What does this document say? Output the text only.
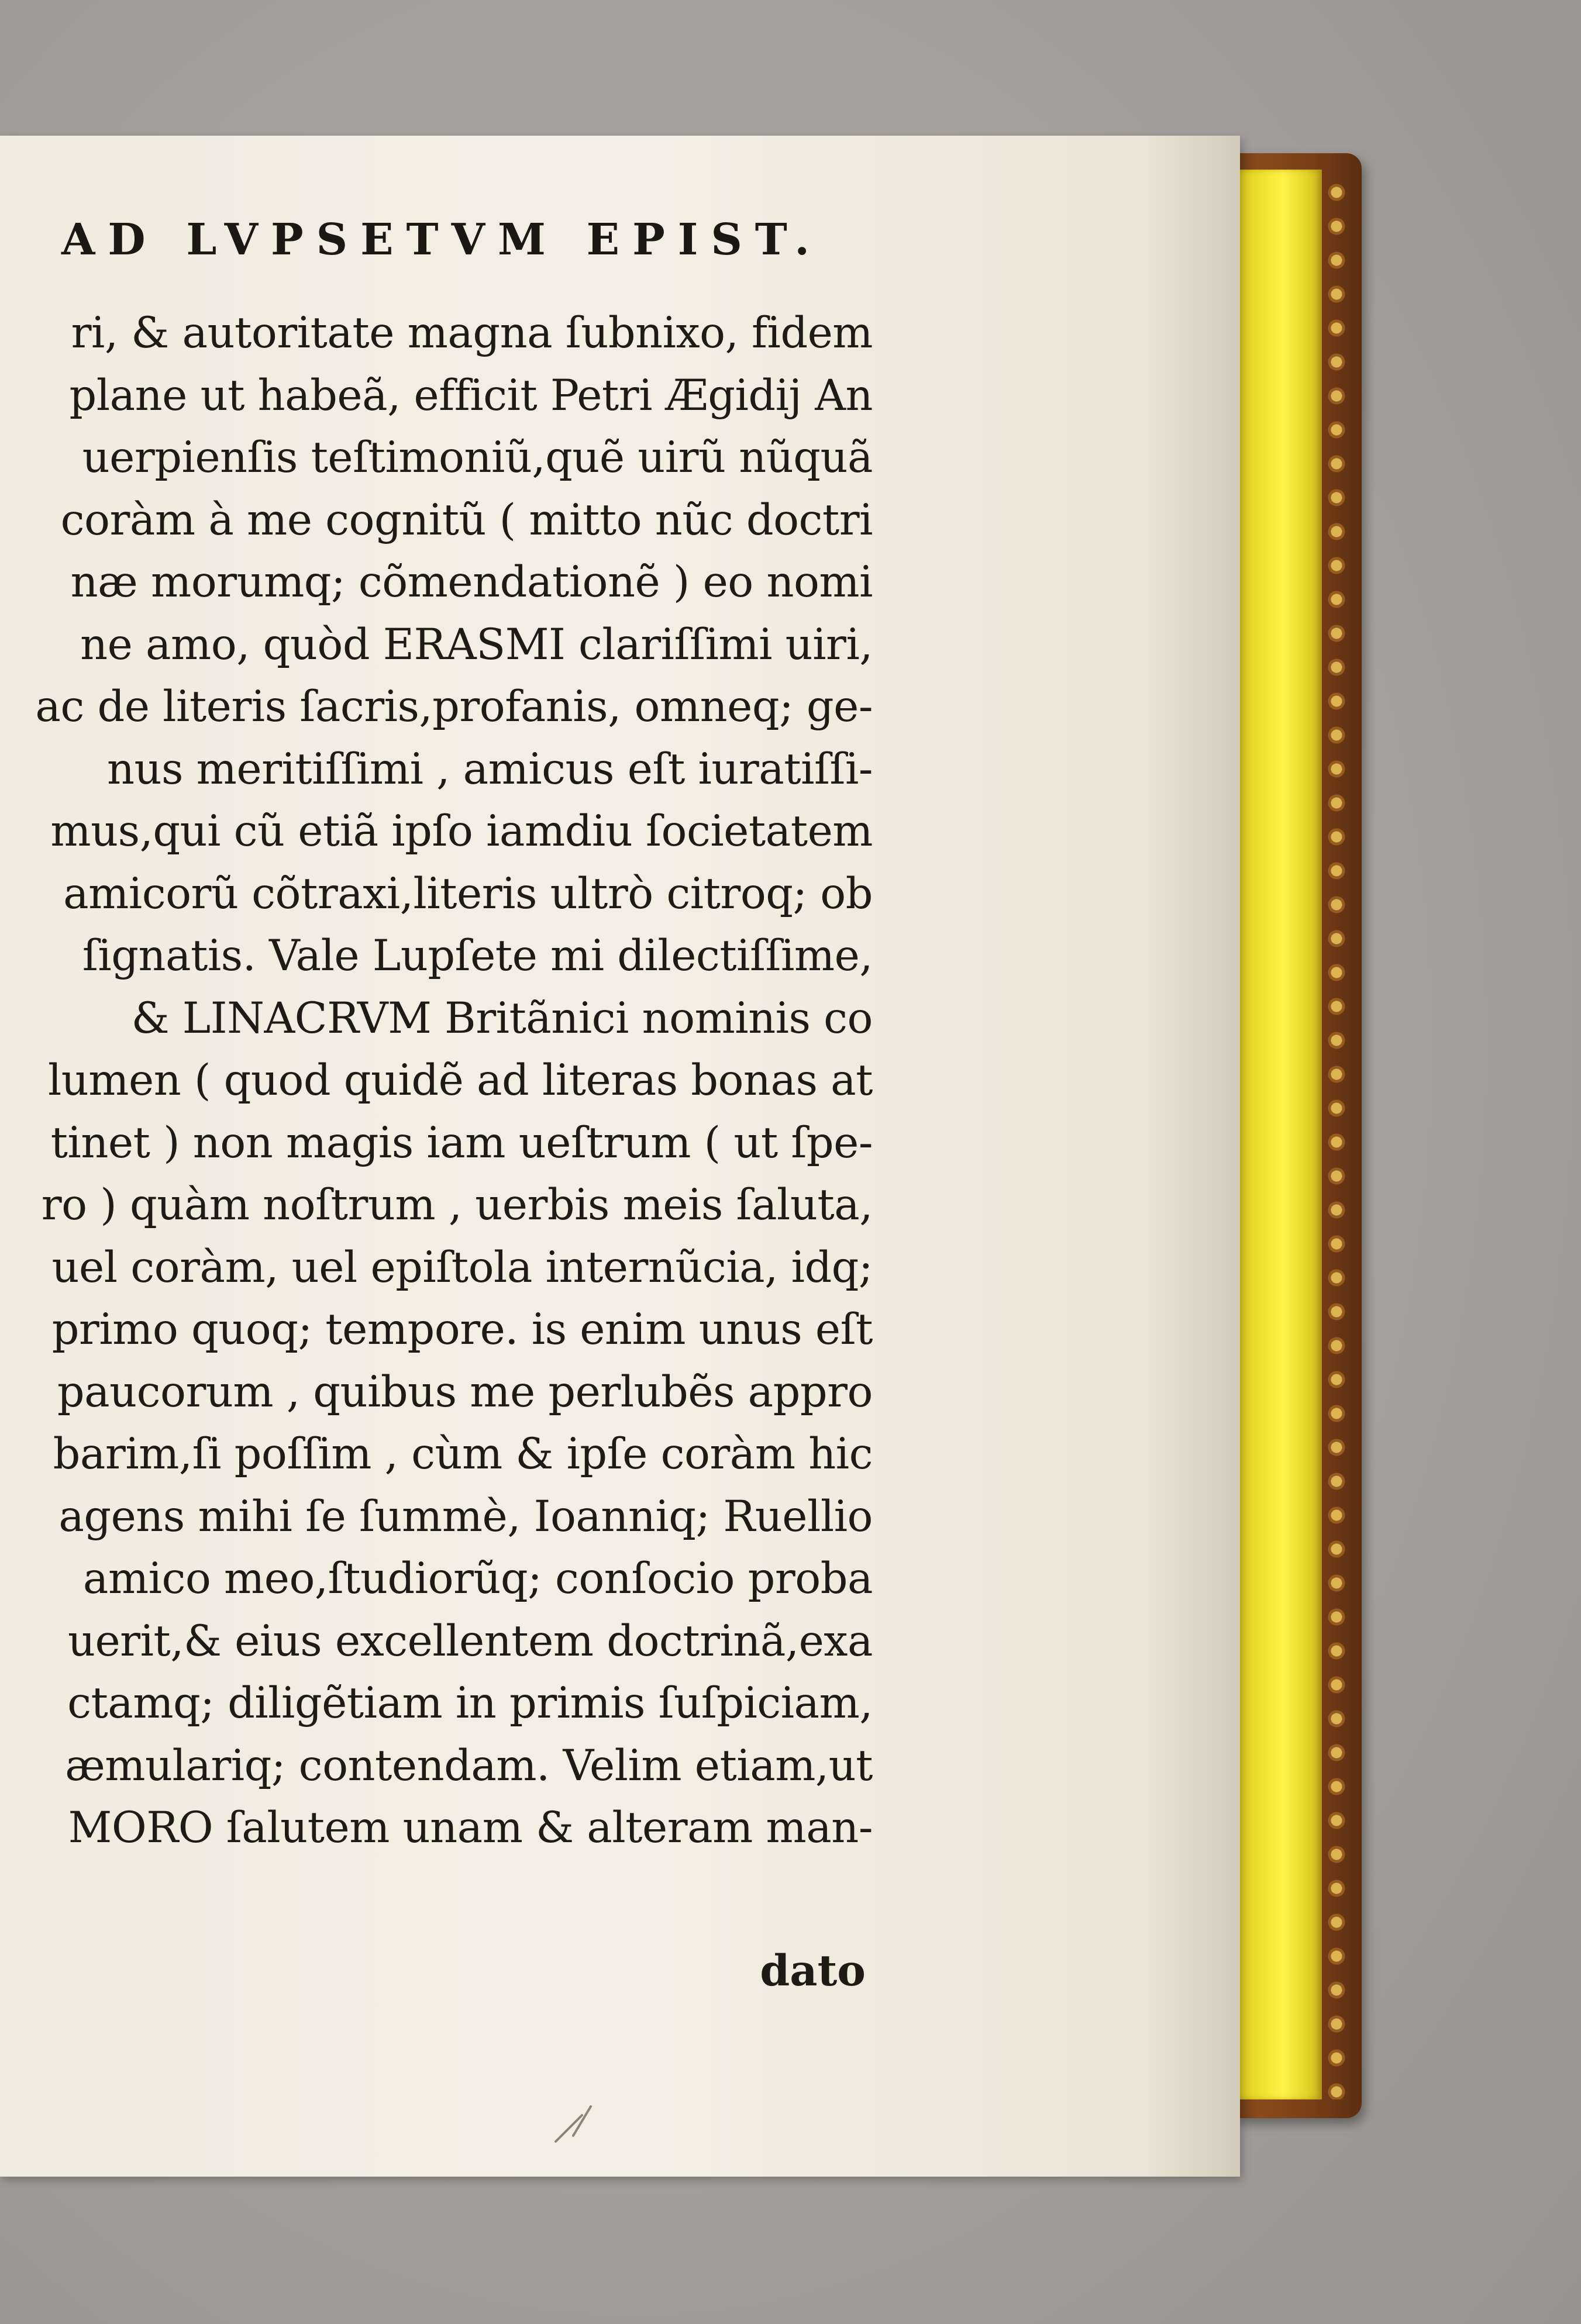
AD LVPSETVM EPIST.
ri, & autoritate magna ſubnixo, fidem
plane ut habeã, efficit Petri Ægidij An
uerpienſis teſtimoniũ,quẽ uirũ nũquã
coràm à me cognitũ ( mitto nũc doctri
næ morumq; cõmendationẽ ) eo nomi
ne amo, quòd ERASMI clariſſimi uiri,
ac de literis ſacris,profanis, omneq; ge-
nus meritiſſimi , amicus eſt iuratiſſi-
mus,qui cũ etiã ipſo iamdiu ſocietatem
amicorũ cõtraxi,literis ultrò citroq; ob
ſignatis. Vale Lupſete mi dilectiſſime,
& LINACRVM Britãnici nominis co
lumen ( quod quidẽ ad literas bonas at
tinet ) non magis iam ueſtrum ( ut ſpe-
ro ) quàm noſtrum , uerbis meis ſaluta,
uel coràm, uel epiſtola internũcia, idq;
primo quoq; tempore. is enim unus eſt
paucorum , quibus me perlubẽs appro
barim,ſi poſſim , cùm & ipſe coràm hic
agens mihi ſe ſummè, Ioanniq; Ruellio
amico meo,ſtudiorũq; conſocio proba
uerit,& eius excellentem doctrinã,exa
ctamq; diligẽtiam in primis ſuſpiciam,
æmulariq; contendam. Velim etiam,ut
MORO ſalutem unam & alteram man-
dato
